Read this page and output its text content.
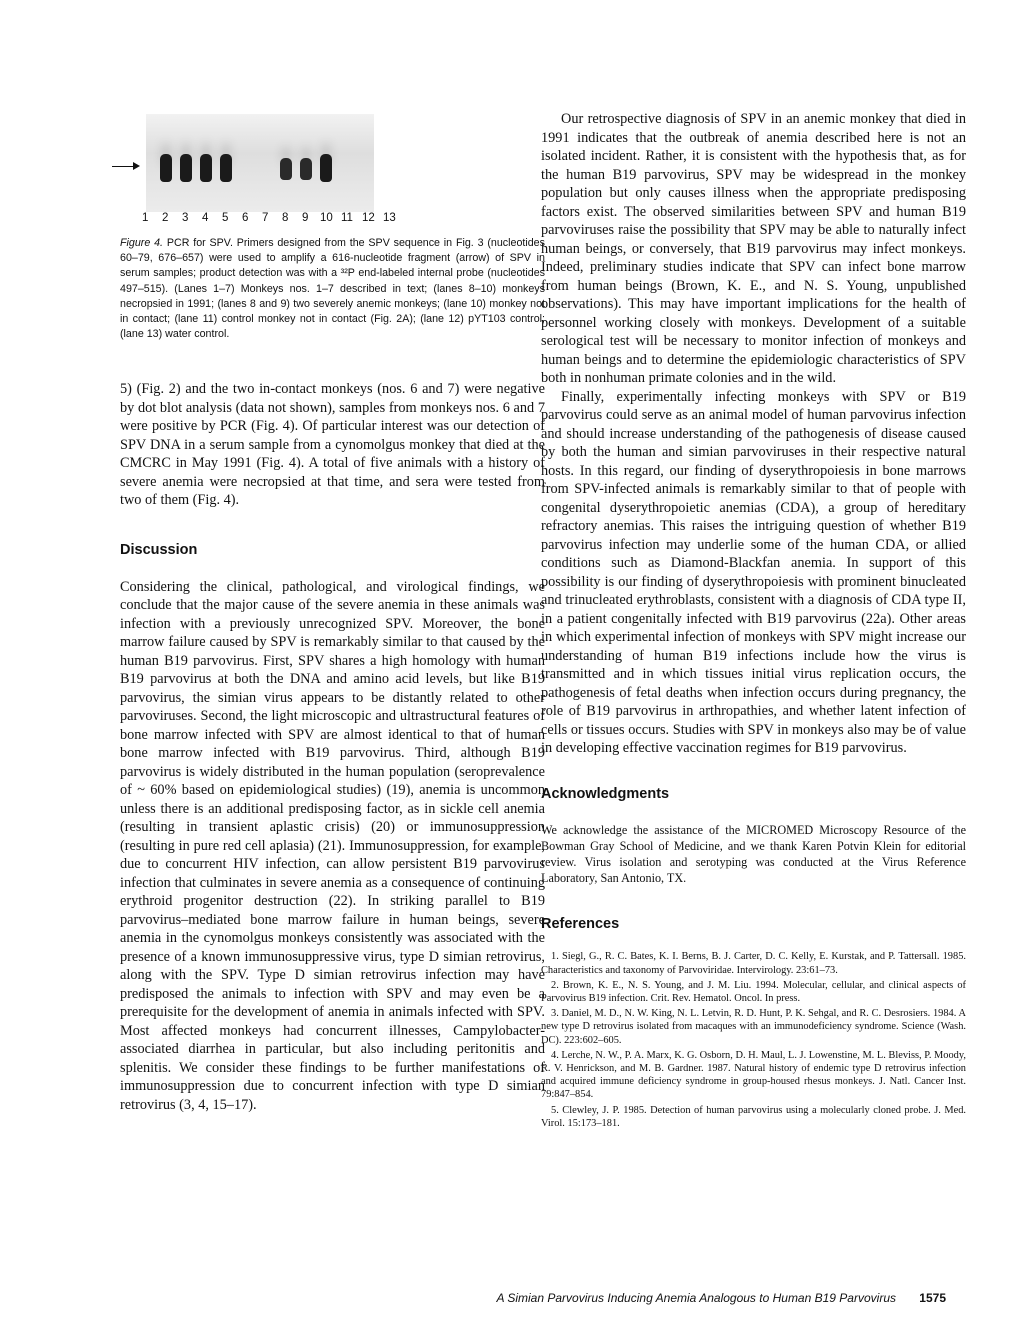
1 2 3 4 5 6 7 8 9 10 11 12 13

Figure 4. PCR for SPV. Primers designed from the SPV sequence in Fig. 3 (nucleotides 60–79, 676–657) were used to amplify a 616-nucleotide fragment (arrow) of SPV in serum samples; product detection was with a ³²P end-labeled internal probe (nucleotides 497–515). (Lanes 1–7) Monkeys nos. 1–7 described in text; (lanes 8–10) monkeys necropsied in 1991; (lanes 8 and 9) two severely anemic monkeys; (lane 10) monkey not in contact; (lane 11) control monkey not in contact (Fig. 2A); (lane 12) pYT103 control; (lane 13) water control.

5) (Fig. 2) and the two in-contact monkeys (nos. 6 and 7) were negative by dot blot analysis (data not shown), samples from monkeys nos. 6 and 7 were positive by PCR (Fig. 4). Of particular interest was our detection of SPV DNA in a serum sample from a cynomolgus monkey that died at the CMCRC in May 1991 (Fig. 4). A total of five animals with a history of severe anemia were necropsied at that time, and sera were tested from two of them (Fig. 4).

Discussion

Considering the clinical, pathological, and virological findings, we conclude that the major cause of the severe anemia in these animals was infection with a previously unrecognized SPV. Moreover, the bone marrow failure caused by SPV is remarkably similar to that caused by the human B19 parvovirus. First, SPV shares a high homology with human B19 parvovirus at both the DNA and amino acid levels, but like B19 parvovirus, the simian virus appears to be distantly related to other parvoviruses. Second, the light microscopic and ultrastructural features of bone marrow infected with SPV are almost identical to that of human bone marrow infected with B19 parvovirus. Third, although B19 parvovirus is widely distributed in the human population (seroprevalence of ~ 60% based on epidemiological studies) (19), anemia is uncommon unless there is an additional predisposing factor, as in sickle cell anemia (resulting in transient aplastic crisis) (20) or immunosuppression (resulting in pure red cell aplasia) (21). Immunosuppression, for example, due to concurrent HIV infection, can allow persistent B19 parvovirus infection that culminates in severe anemia as a consequence of continuing erythroid progenitor destruction (22). In striking parallel to B19 parvovirus–mediated bone marrow failure in human beings, severe anemia in the cynomolgus monkeys consistently was associated with the presence of a known immunosuppressive virus, type D simian retrovirus, along with the SPV. Type D simian retrovirus infection may have predisposed the animals to infection with SPV and may even be a prerequisite for the development of anemia in animals infected with SPV. Most affected monkeys had concurrent illnesses, Campylobacter-associated diarrhea in particular, but also including peritonitis and splenitis. We consider these findings to be further manifestations of immunosuppression due to concurrent infection with type D simian retrovirus (3, 4, 15–17).

Our retrospective diagnosis of SPV in an anemic monkey that died in 1991 indicates that the outbreak of anemia described here is not an isolated incident. Rather, it is consistent with the hypothesis that, as for the human B19 parvovirus, SPV may be widespread in the monkey population but only causes illness when the appropriate predisposing factors exist. The observed similarities between SPV and human B19 parvoviruses raise the possibility that SPV may be able to naturally infect human beings, or conversely, that B19 parvovirus may infect monkeys. Indeed, preliminary studies indicate that SPV can infect bone marrow from human beings (Brown, K. E., and N. S. Young, unpublished observations). This may have important implications for the health of personnel working closely with monkeys. Development of a suitable serological test will be necessary to monitor infection of monkeys and human beings and to determine the epidemiologic characteristics of SPV both in nonhuman primate colonies and in the wild.

Finally, experimentally infecting monkeys with SPV or B19 parvovirus could serve as an animal model of human parvovirus infection and should increase understanding of the pathogenesis of disease caused by both the human and simian parvoviruses in their respective natural hosts. In this regard, our finding of dyserythropoiesis in bone marrows from SPV-infected animals is remarkably similar to that of people with congenital dyserythropoietic anemias (CDA), a group of hereditary refractory anemias. This raises the intriguing question of whether B19 parvovirus infection may underlie some of the human CDA, or allied conditions such as Diamond-Blackfan anemia. In support of this possibility is our finding of dyserythropoiesis with prominent binucleated and trinucleated erythroblasts, consistent with a diagnosis of CDA type II, in a patient congenitally infected with B19 parvovirus (22a). Other areas in which experimental infection of monkeys with SPV might increase our understanding of human B19 infections include how the virus is transmitted and in which tissues initial virus replication occurs, the pathogenesis of fetal deaths when infection occurs during pregnancy, the role of B19 parvovirus in arthropathies, and whether latent infection of cells or tissues occurs. Studies with SPV in monkeys also may be of value in developing effective vaccination regimes for B19 parvovirus.

Acknowledgments

We acknowledge the assistance of the MICROMED Microscopy Resource of the Bowman Gray School of Medicine, and we thank Karen Potvin Klein for editorial review. Virus isolation and serotyping was conducted at the Virus Reference Laboratory, San Antonio, TX.

References
1. Siegl, G., R. C. Bates, K. I. Berns, B. J. Carter, D. C. Kelly, E. Kurstak, and P. Tattersall. 1985. Characteristics and taxonomy of Parvoviridae. Intervirology. 23:61–73.
2. Brown, K. E., N. S. Young, and J. M. Liu. 1994. Molecular, cellular, and clinical aspects of Parvovirus B19 infection. Crit. Rev. Hematol. Oncol. In press.
3. Daniel, M. D., N. W. King, N. L. Letvin, R. D. Hunt, P. K. Sehgal, and R. C. Desrosiers. 1984. A new type D retrovirus isolated from macaques with an immunodeficiency syndrome. Science (Wash. DC). 223:602–605.
4. Lerche, N. W., P. A. Marx, K. G. Osborn, D. H. Maul, L. J. Lowenstine, M. L. Bleviss, P. Moody, R. V. Henrickson, and M. B. Gardner. 1987. Natural history of endemic type D retrovirus infection and acquired immune deficiency syndrome in group-housed rhesus monkeys. J. Natl. Cancer Inst. 79:847–854.
5. Clewley, J. P. 1985. Detection of human parvovirus using a molecularly cloned probe. J. Med. Virol. 15:173–181.
A Simian Parvovirus Inducing Anemia Analogous to Human B19 Parvovirus 1575
